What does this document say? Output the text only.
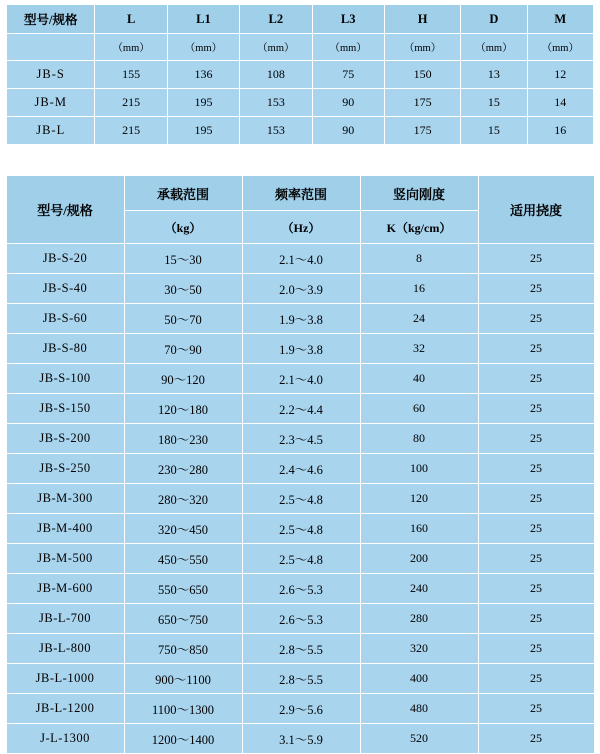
型号/规格	L	L1	L2	L3	H	D	M
	（mm）	（mm）	（mm）	（mm）	（mm）	（mm）	（mm）
JB-S	155	136	108	75	150	13	12
JB-M	215	195	153	90	175	15	14
JB-L	215	195	153	90	175	15	16
型号/规格	承载范围	频率范围	竖向刚度	适用挠度
	（kg）	（Hz）	K（kg/cm）	
JB-S-20	15～30	2.1～4.0	8	25
JB-S-40	30～50	2.0～3.9	16	25
JB-S-60	50～70	1.9～3.8	24	25
JB-S-80	70～90	1.9～3.8	32	25
JB-S-100	90～120	2.1～4.0	40	25
JB-S-150	120～180	2.2～4.4	60	25
JB-S-200	180～230	2.3～4.5	80	25
JB-S-250	230～280	2.4～4.6	100	25
JB-M-300	280～320	2.5～4.8	120	25
JB-M-400	320～450	2.5～4.8	160	25
JB-M-500	450～550	2.5～4.8	200	25
JB-M-600	550～650	2.6～5.3	240	25
JB-L-700	650～750	2.6～5.3	280	25
JB-L-800	750～850	2.8～5.5	320	25
JB-L-1000	900～1100	2.8～5.5	400	25
JB-L-1200	1100～1300	2.9～5.6	480	25
J-L-1300	1200～1400	3.1～5.9	520	25
